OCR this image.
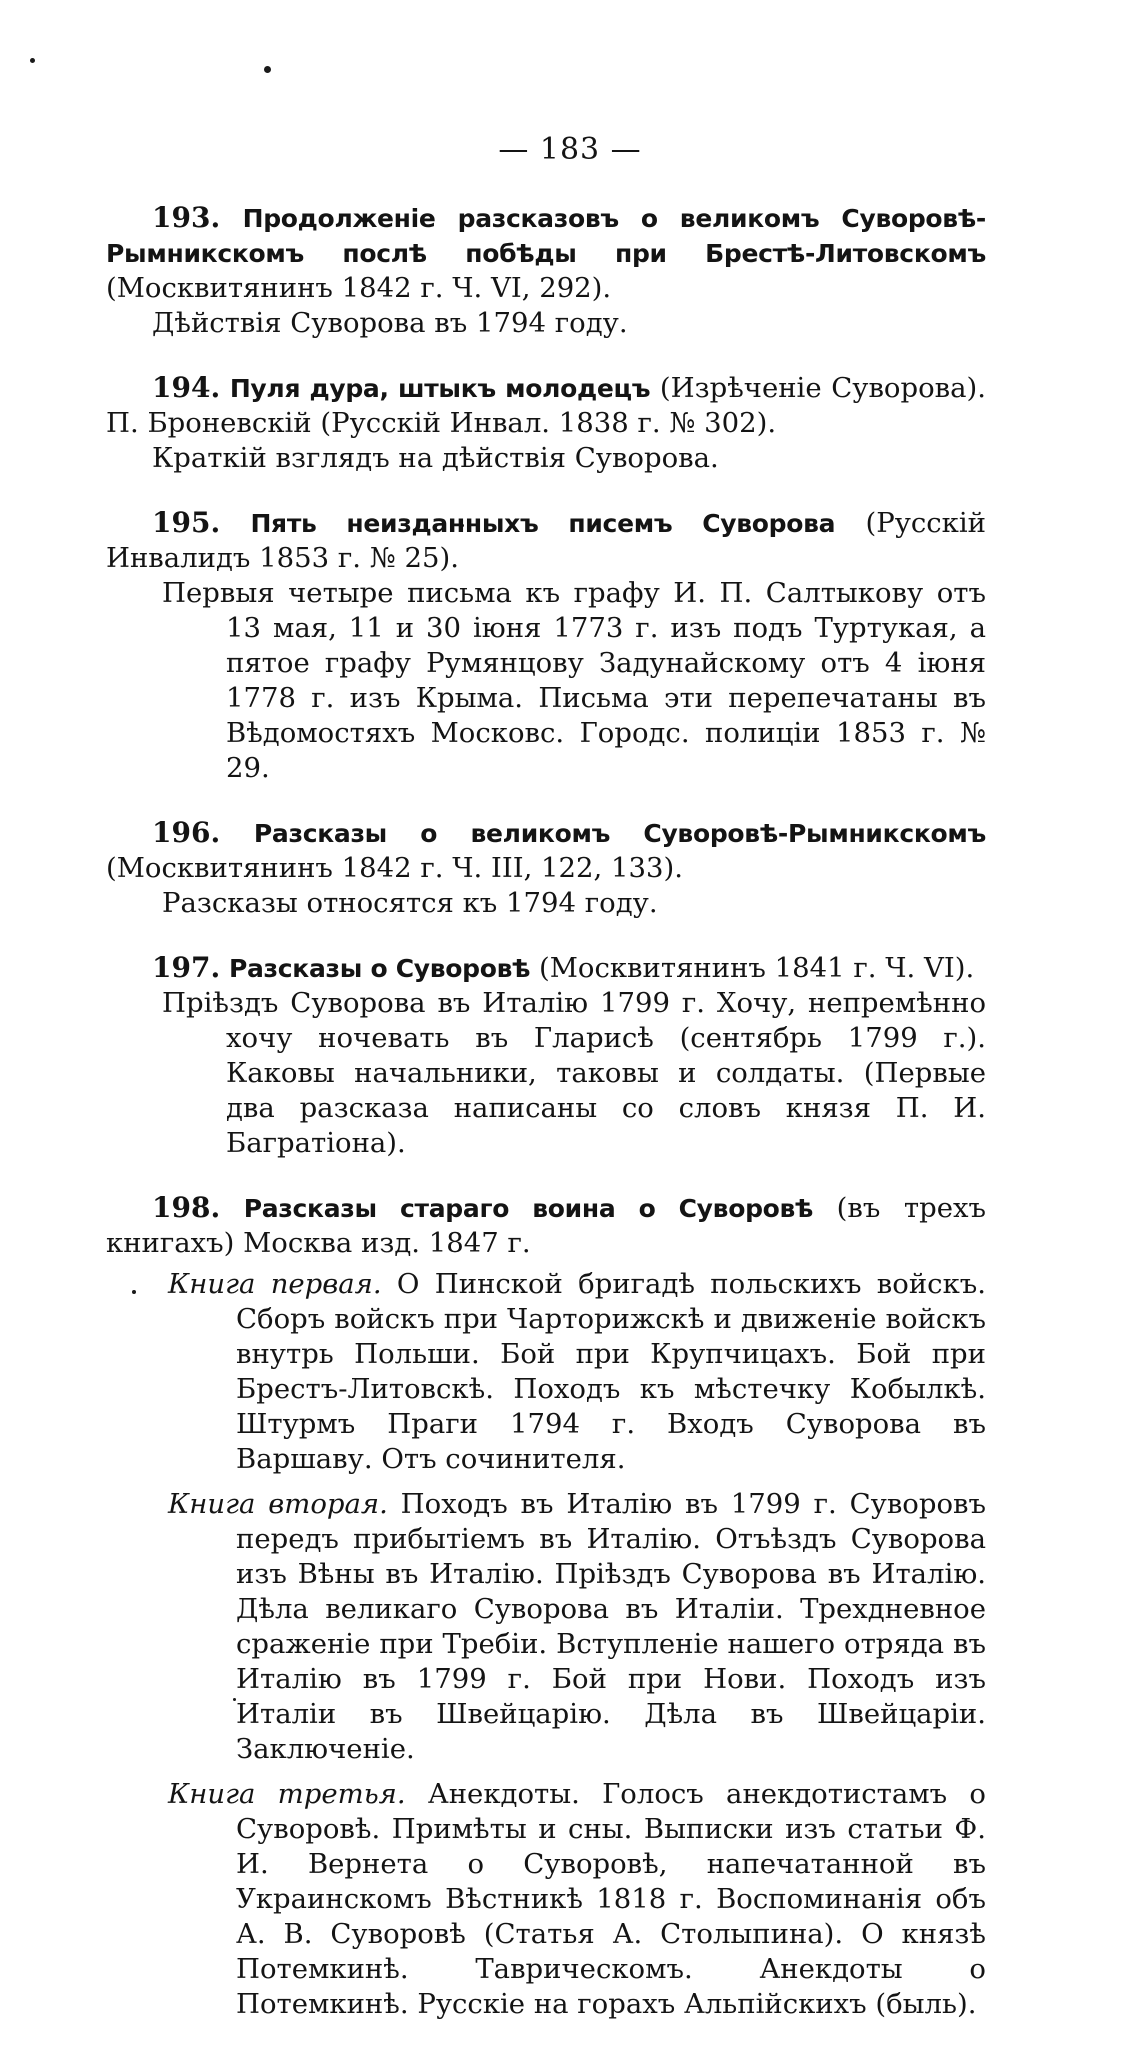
— 183 —
193. Продолженіе разсказовъ о великомъ Суворовѣ-Рымникскомъ послѣ побѣды при Брестѣ-Литовскомъ (Москвитянинъ 1842 г. Ч. VI, 292).
Дѣйствія Суворова въ 1794 году.
194. Пуля дура, штыкъ молодецъ (Изрѣченіе Суворова). П. Броневскій (Русскій Инвал. 1838 г. № 302).
Краткій взглядъ на дѣйствія Суворова.
195. Пять неизданныхъ писемъ Суворова (Русскій Инвалидъ 1853 г. № 25).
Первыя четыре письма къ графу И. П. Салтыкову отъ 13 мая, 11 и 30 іюня 1773 г. изъ подъ Туртукая, а пятое графу Румянцову Задунайскому отъ 4 іюня 1778 г. изъ Крыма. Письма эти перепечатаны въ Вѣдомостяхъ Московс. Городс. полиціи 1853 г. № 29.
196. Разсказы о великомъ Суворовѣ-Рымникскомъ (Москвитянинъ 1842 г. Ч. III, 122, 133).
Разсказы относятся къ 1794 году.
197. Разсказы о Суворовѣ (Москвитянинъ 1841 г. Ч. VI).
Пріѣздъ Суворова въ Италію 1799 г. Хочу, непремѣнно хочу ночевать въ Гларисѣ (сентябрь 1799 г.). Каковы начальники, таковы и солдаты. (Первые два разсказа написаны со словъ князя П. И. Багратіона).
198. Разсказы стараго воина о Суворовѣ (въ трехъ книгахъ) Москва изд. 1847 г.
Книга первая. О Пинской бригадѣ польскихъ войскъ. Сборъ войскъ при Чарторижскѣ и движеніе войскъ внутрь Польши. Бой при Крупчицахъ. Бой при Брестъ-Литовскѣ. Походъ къ мѣстечку Кобылкѣ. Штурмъ Праги 1794 г. Входъ Суворова въ Варшаву. Отъ сочинителя.
Книга вторая. Походъ въ Италію въ 1799 г. Суворовъ передъ прибытіемъ въ Италію. Отъѣздъ Суворова изъ Вѣны въ Италію. Пріѣздъ Суворова въ Италію. Дѣла великаго Суворова въ Италіи. Трехдневное сраженіе при Требіи. Вступленіе нашего отряда въ Италію въ 1799 г. Бой при Нови. Походъ изъ Италіи въ Швейцарію. Дѣла въ Швейцаріи. Заключеніе.
Книга третья. Анекдоты. Голосъ анекдотистамъ о Суворовѣ. Примѣты и сны. Выписки изъ статьи Ф. И. Вернета о Суворовѣ, напечатанной въ Украинскомъ Вѣстникѣ 1818 г. Воспоминанія объ А. В. Суворовѣ (Статья А. Столыпина). О князѣ Потемкинѣ. Таврическомъ. Анекдоты о Потемкинѣ. Русскіе на горахъ Альпійскихъ (быль).
